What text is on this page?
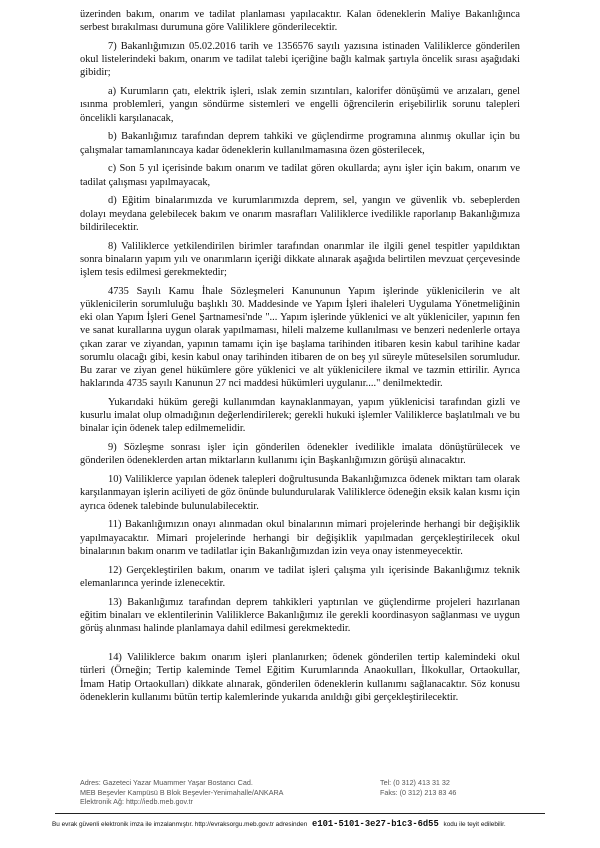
üzerinden bakım, onarım ve tadilat planlaması yapılacaktır. Kalan ödeneklerin Maliye Bakanlığınca serbest bırakılması durumuna göre Valiliklere gönderilecektir.

7) Bakanlığımızın 05.02.2016 tarih ve 1356576 sayılı yazısına istinaden Valiliklerce gönderilen okul listelerindeki bakım, onarım ve tadilat talebi içeriğine bağlı kalmak şartıyla öncelik sırası aşağıdaki gibidir;

a) Kurumların çatı, elektrik işleri, ıslak zemin sızıntıları, kalorifer dönüşümü ve arızaları, genel ısınma problemleri, yangın söndürme sistemleri ve engelli öğrencilerin erişebilirlik sorunu talepleri öncelikli karşılanacak,

b) Bakanlığımız tarafından deprem tahkiki ve güçlendirme programına alınmış okullar için bu çalışmalar tamamlanıncaya kadar ödeneklerin kullanılmamasına özen gösterilecek,

c) Son 5 yıl içerisinde bakım onarım ve tadilat gören okullarda; aynı işler için bakım, onarım ve tadilat çalışması yapılmayacak,

d) Eğitim binalarımızda ve kurumlarımızda deprem, sel, yangın ve güvenlik vb. sebeplerden dolayı meydana gelebilecek bakım ve onarım masrafları Valiliklerce ivedilikle raporlanıp Bakanlığımıza bildirilecektir.

8) Valiliklerce yetkilendirilen birimler tarafından onarımlar ile ilgili genel tespitler yapıldıktan sonra binaların yapım yılı ve onarımların içeriği dikkate alınarak aşağıda belirtilen mevzuat çerçevesinde işlem tesis edilmesi gerekmektedir;

4735 Sayılı Kamu İhale Sözleşmeleri Kanununun Yapım işlerinde yüklenicilerin ve alt yüklenicilerin sorumluluğu başlıklı 30. Maddesinde ve Yapım İşleri ihaleleri Uygulama Yönetmeliğinin eki olan Yapım İşleri Genel Şartnamesi'nde "... Yapım işlerinde yüklenici ve alt yükleniciler, yapının fen ve sanat kurallarına uygun olarak yapılmaması, hileli malzeme kullanılması ve benzeri nedenlerle ortaya çıkan zarar ve ziyandan, yapının tamamı için işe başlama tarihinden itibaren kesin kabul tarihine kadar sorumlu olacağı gibi, kesin kabul onay tarihinden itibaren de on beş yıl süreyle müteselsilen sorumludur. Bu zarar ve ziyan genel hükümlere göre yüklenici ve alt yüklenicilere ikmal ve tazmin ettirilir. Ayrıca haklarında 4735 sayılı Kanunun 27 nci maddesi hükümleri uygulanır...." denilmektedir.

Yukarıdaki hüküm gereği kullanımdan kaynaklanmayan, yapım yüklenicisi tarafından gizli ve kusurlu imalat olup olmadığının değerlendirilerek; gerekli hukuki işlemler Valiliklerce başlatılmalı ve bu binalar için ödenek talep edilmemelidir.

9) Sözleşme sonrası işler için gönderilen ödenekler ivedilikle imalata dönüştürülecek ve gönderilen ödeneklerden artan miktarların kullanımı için Başkanlığımızın görüşü alınacaktır.

10) Valiliklerce yapılan ödenek talepleri doğrultusunda Bakanlığımızca ödenek miktarı tam olarak karşılanmayan işlerin aciliyeti de göz önünde bulundurularak Valiliklerce ödeneğin eksik kalan kısmı için ayrıca ödenek talebinde bulunulabilecektir.

11) Bakanlığımızın onayı alınmadan okul binalarının mimari projelerinde herhangi bir değişiklik yapılmayacaktır. Mimari projelerinde herhangi bir değişiklik yapılmadan gerçekleştirilecek okul binalarının bakım onarım ve tadilatlar için Bakanlığımızdan izin veya onay istenmeyecektir.

12) Gerçekleştirilen bakım, onarım ve tadilat işleri çalışma yılı içerisinde Bakanlığımız teknik elemanlarınca yerinde izlenecektir.

13) Bakanlığımız tarafından deprem tahkikleri yaptırılan ve güçlendirme projeleri hazırlanan eğitim binaları ve eklentilerinin Valiliklerce Bakanlığımız ile gerekli koordinasyon sağlanması ve uygun görüş alınması halinde planlamaya dahil edilmesi gerekmektedir.

14) Valiliklerce bakım onarım işleri planlanırken; ödenek gönderilen tertip kalemindeki okul türleri (Örneğin; Tertip kaleminde Temel Eğitim Kurumlarında Anaokulları, İlkokullar, Ortaokullar, İmam Hatip Ortaokulları) dikkate alınarak, gönderilen ödeneklerin kullanımı sağlanacaktır. Söz konusu ödeneklerin kullanımı bütün tertip kalemlerinde yukarıda anıldığı gibi gerçekleştirilecektir.

Adres: Gazeteci Yazar Muammer Yaşar Bostancı Cad.
MEB Beşevler Kampüsü B Blok Beşevler-Yenimahalle/ANKARA
Elektronik Ağ: http://iedb.meb.gov.tr
Tel: (0 312) 413 31 32
Faks: (0 312) 213 83 46
Bu evrak güvenli elektronik imza ile imzalanmıştır. http://evraksorgu.meb.gov.tr adresinden e101-5101-3e27-b1c3-6d55 kodu ile teyit edilebilir.
